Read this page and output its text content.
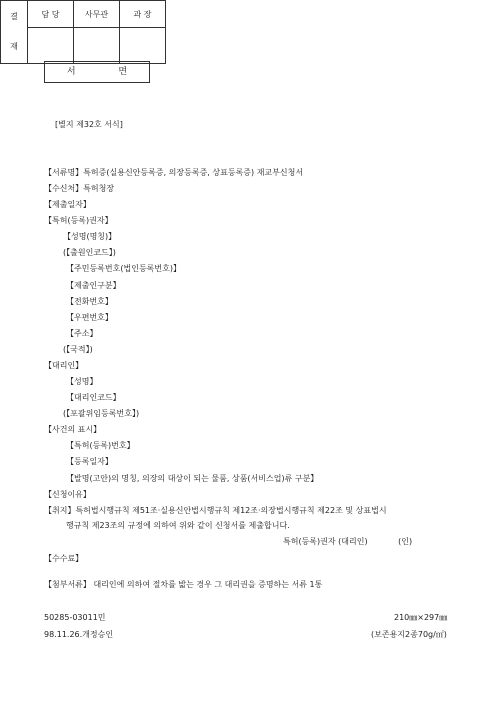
서 면
결
재	담 당	사무관	과 장

[별지 제32호 서식]
【서류명】특허증(실용신안등록증, 의장등록증, 상표등록증) 재교부신청서
【수신처】특허청장
【제출일자】
【특허(등록)권자】
【성명(명칭)】
(【출원인코드】)
【주민등록번호(법인등록번호)】
【제출인구분】
【전화번호】
【우편번호】
【주소】
(【국적】)
【대리인】
【성명】
【대리인코드】
(【포괄위임등록번호】)
【사건의 표시】
【특허(등록)번호】
【등록일자】
【발명(고안)의 명칭, 의장의 대상이 되는 물품, 상품(서비스업)류 구분】
【신청이유】
【취지】특허법시행규칙 제51조·실용신안법시행규칙 제12조·의장법시행규칙 제22조 및 상표법시
행규칙 제23조의 규정에 의하여 위와 같이 신청서를 제출합니다.
특허(등록)권자 (대리인)            (인)
【수수료】
【첨부서류】 대리인에 의하여 절차를 밟는 경우 그 대리권을 증명하는 서류 1통
50285-03011민
98.11.26.개정승인
210㎜×297㎜
(보존용지2종70g/㎡)
